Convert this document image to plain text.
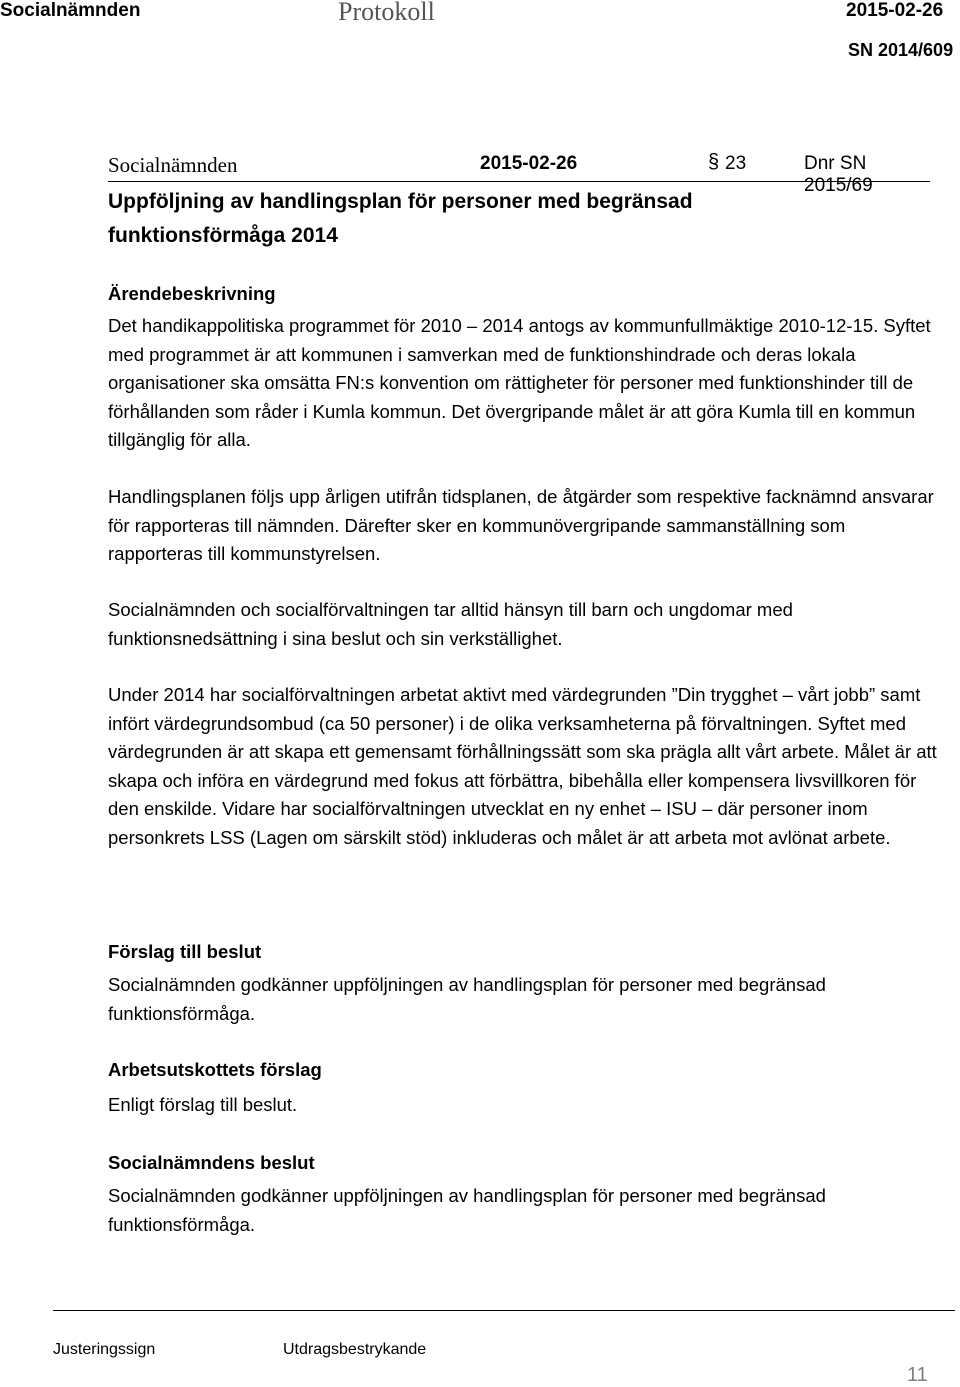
Socialnämnden	Protokoll	2015-02-26
SN 2014/609
Socialnämnden	2015-02-26	§ 23	Dnr SN 2015/69
Uppföljning av handlingsplan för personer med begränsad
funktionsförmåga 2014
Ärendebeskrivning
Det handikappolitiska programmet för 2010 – 2014 antogs av kommunfullmäktige 2010-12-15. Syftet med programmet är att kommunen i samverkan med de funktionshindrade och deras lokala organisationer ska omsätta FN:s konvention om rättigheter för personer med funktionshinder till de förhållanden som råder i Kumla kommun. Det övergripande målet är att göra Kumla till en kommun tillgänglig för alla.
Handlingsplanen följs upp årligen utifrån tidsplanen, de åtgärder som respektive facknämnd ansvarar för rapporteras till nämnden. Därefter sker en kommunövergripande sammanställning som rapporteras till kommunstyrelsen.
Socialnämnden och socialförvaltningen tar alltid hänsyn till barn och ungdomar med funktionsnedsättning i sina beslut och sin verkställighet.
Under 2014 har socialförvaltningen arbetat aktivt med värdegrunden ”Din trygghet – vårt jobb” samt infört värdegrundsombud (ca 50 personer) i de olika verksamheterna på förvaltningen. Syftet med värdegrunden är att skapa ett gemensamt förhållningssätt som ska prägla allt vårt arbete. Målet är att skapa och införa en värdegrund med fokus att förbättra, bibehålla eller kompensera livsvillkoren för den enskilde. Vidare har socialförvaltningen utvecklat en ny enhet – ISU – där personer inom personkrets LSS (Lagen om särskilt stöd) inkluderas och målet är att arbeta mot avlönat arbete.
Förslag till beslut
Socialnämnden godkänner uppföljningen av handlingsplan för personer med begränsad funktionsförmåga.
Arbetsutskottets förslag
Enligt förslag till beslut.
Socialnämndens beslut
Socialnämnden godkänner uppföljningen av handlingsplan för personer med begränsad funktionsförmåga.
Justeringssign	Utdragsbestrykande
11
